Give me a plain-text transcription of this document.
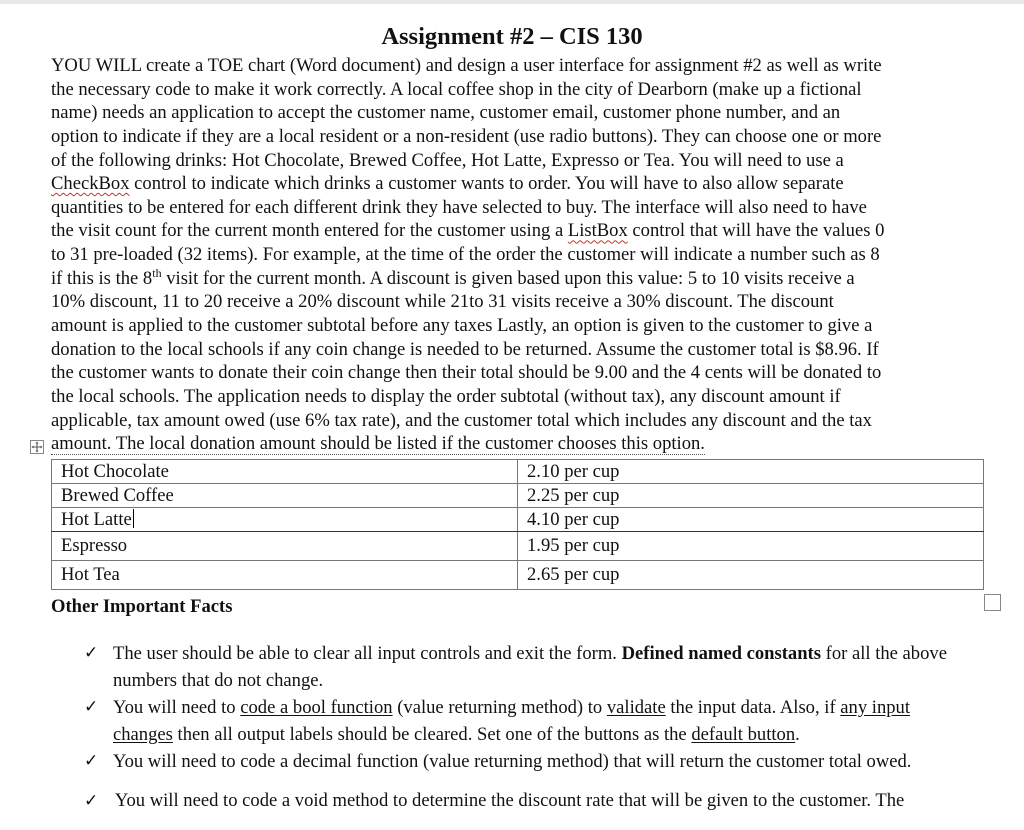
Assignment #2 – CIS 130
YOU WILL create a TOE chart (Word document) and design a user interface for assignment #2 as well as write
the necessary code to make it work correctly. A local coffee shop in the city of Dearborn (make up a fictional
name) needs an application to accept the customer name, customer email, customer phone number, and an
option to indicate if they are a local resident or a non-resident (use radio buttons). They can choose one or more
of the following drinks: Hot Chocolate, Brewed Coffee, Hot Latte, Expresso or Tea. You will need to use a
CheckBox control to indicate which drinks a customer wants to order. You will have to also allow separate
quantities to be entered for each different drink they have selected to buy. The interface will also need to have
the visit count for the current month entered for the customer using a ListBox control that will have the values 0
to 31 pre-loaded (32 items). For example, at the time of the order the customer will indicate a number such as 8
if this is the 8th visit for the current month. A discount is given based upon this value: 5 to 10 visits receive a
10% discount, 11 to 20 receive a 20% discount while 21to 31 visits receive a 30% discount. The discount
amount is applied to the customer subtotal before any taxes Lastly, an option is given to the customer to give a
donation to the local schools if any coin change is needed to be returned. Assume the customer total is $8.96. If
the customer wants to donate their coin change then their total should be 9.00 and the 4 cents will be donated to
the local schools. The application needs to display the order subtotal (without tax), any discount amount if
applicable, tax amount owed (use 6% tax rate), and the customer total which includes any discount and the tax
amount. The local donation amount should be listed if the customer chooses this option.
Hot Chocolate	2.10 per cup
Brewed Coffee	2.25 per cup
Hot Latte	4.10 per cup
Espresso	1.95 per cup
Hot Tea	2.65 per cup
Other Important Facts
✓ The user should be able to clear all input controls and exit the form. Defined named constants for all the above numbers that do not change.

✓ You will need to code a bool function (value returning method) to validate the input data. Also, if any input changes then all output labels should be cleared. Set one of the buttons as the default button.

✓ You will need to code a decimal function (value returning method) that will return the customer total owed.

✓ You will need to code a void method to determine the discount rate that will be given to the customer. The
